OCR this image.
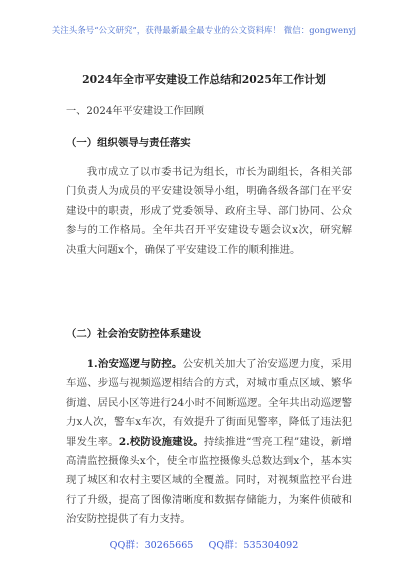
关注头条号“公文研究”，获得最新最全最专业的公文资料库！ 微信：gongwenyj
2024年全市平安建设工作总结和2025年工作计划
一、2024年平安建设工作回顾
（一）组织领导与责任落实

我市成立了以市委书记为组长，市长为副组长，各相关部门负责人为成员的平安建设领导小组，明确各级各部门在平安建设中的职责，形成了党委领导、政府主导、部门协同、公众参与的工作格局。全年共召开平安建设专题会议x次，研究解决重大问题x个，确保了平安建设工作的顺利推进。

（二）社会治安防控体系建设

1.治安巡逻与防控。公安机关加大了治安巡逻力度，采用车巡、步巡与视频巡逻相结合的方式，对城市重点区域、繁华街道、居民小区等进行24小时不间断巡逻。全年共出动巡逻警力x人次，警车x车次，有效提升了街面见警率，降低了违法犯罪发生率。2.校防设施建设。持续推进“雪亮工程”建设，新增高清监控摄像头x个，使全市监控摄像头总数达到x个，基本实现了城区和农村主要区域的全覆盖。同时，对视频监控平台进行了升级，提高了图像清晰度和数据存储能力，为案件侦破和治安防控提供了有力支持。

QQ群：30265665 QQ群：535304092
